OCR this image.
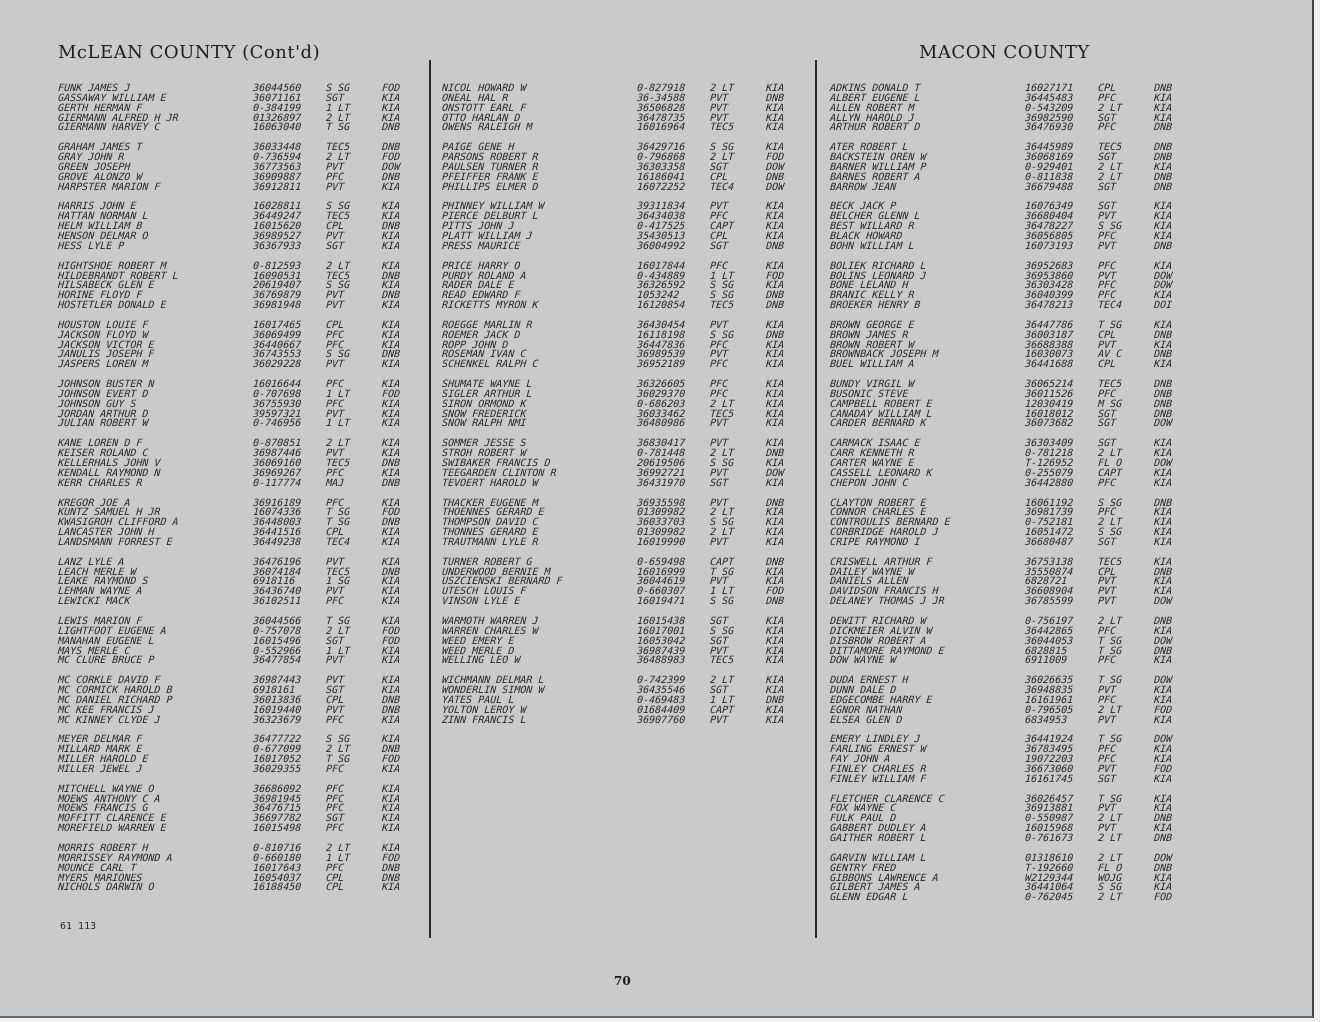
McLEAN COUNTY (Cont'd)	MACON COUNTY
FUNK JAMES J	36044560 S SG	FOD
GASSAWAY WILLIAM E	36071161 SGT	KIA
GERTH HERMAN F	0-384199 1 LT	KIA
GIERMANN ALFRED H JR	01326897 2 LT	KIA
GIERMANN HARVEY C	16063040 T SG	DNB
GRAHAM JAMES T	36033448 TEC5	DNB
GRAY JOHN R	0-736594 2 LT	FOD
GREEN JOSEPH	36773563 PVT	DOW
GROVE ALONZO W	36909887 PFC	DNB
HARPSTER MARION F	36912811 PVT	KIA
HARRIS JOHN E	16028811 S SG	KIA
HATTAN NORMAN L	36449247 TEC5	KIA
HELM WILLIAM B	16015620 CPL	DNB
HENSON DELMAR O	36989527 PVT	KIA
HESS LYLE P	36367933 SGT	KIA
HIGHTSHOE ROBERT M	0-812593 2 LT	KIA
HILDEBRANDT ROBERT L	16090531 TEC5	DNB
HILSABECK GLEN E	20619407 S SG	KIA
HORINE FLOYD F	36769879 PVT	DNB
HOSTETLER DONALD E	36981948 PVT	KIA
HOUSTON LOUIE F	16017465 CPL	KIA
JACKSON FLOYD W	36069499 PFC	KIA
JACKSON VICTOR E	36440667 PFC	KIA
JANULIS JOSEPH F	36743553 S SG	DNB
JASPERS LOREN M	36029228 PVT	KIA
JOHNSON BUSTER N	16016644 PFC	KIA
JOHNSON EVERT D	0-707698 1 LT	FOD
JOHNSON GUY S	36755930 PFC	KIA
JORDAN ARTHUR D	39597321 PVT	KIA
JULIAN ROBERT W	0-746956 1 LT	KIA
KANE LOREN D F	0-870851 2 LT	KIA
KEISER ROLAND C	36987446 PVT	KIA
KELLERHALS JOHN V	36069160 TEC5	DNB
KENDALL RAYMOND N	36969267 PFC	KIA
KERR CHARLES R	0-117774 MAJ	DNB
KREGOR JOE A	36916189 PFC	KIA
KUNTZ SAMUEL H JR	16074336 T SG	FOD
KWASIGROH CLIFFORD A	36448003 T SG	DNB
LANCASTER JOHN H	36441516 CPL	KIA
LANDSMANN FORREST E	36449238 TEC4	KIA
LANZ LYLE A	36476196 PVT	KIA
LEACH MERLE W	36074184 TEC5	DNB
LEAKE RAYMOND S	6918116	1 SG	KIA
LEHMAN WAYNE A	36436740 PVT	KIA
LEWICKI MACK	36102511 PFC	KIA
LEWIS MARION F	36044566 T SG	KIA
LIGHTFOOT EUGENE A	0-757078 2 LT	FOD
MANAHAN EUGENE L	16015496 SGT	FOD
MAYS MERLE C	0-552966 1 LT	KIA
MC CLURE BRUCE P	36477854 PVT	KIA
MC CORKLE DAVID F	36987443 PVT	KIA
MC CORMICK HAROLD B	6918161	SGT	KIA
MC DANIEL RICHARD P	36013836 CPL	DNB
MC KEE FRANCIS J	16019440 PVT	DNB
MC KINNEY CLYDE J	36323679 PFC	KIA
MEYER DELMAR F	36477722 S SG	KIA
MILLARD MARK E	0-677099 2 LT	DNB
MILLER HAROLD E	16017052 T SG	FOD
MILLER JEWEL J	36029355 PFC	KIA
MITCHELL WAYNE O	36686092 PFC	KIA
MOEWS ANTHONY C A	36981945 PFC	KIA
MOEWS FRANCIS G	36476715 PFC	KIA
MOFFITT CLARENCE E	36697782 SGT	KIA
MOREFIELD WARREN E	16015498 PFC	KIA
MORRIS ROBERT H	0-810716 2 LT	KIA
MORRISSEY RAYMOND A	0-660180 1 LT	FOD
MOUNCE CARL T	16017643 PFC	DNB
MYERS MARIONES	16054037 CPL	DNB
NICHOLS DARWIN O	16188450 CPL	KIA
NICOL HOWARD W	0-827918 2 LT	KIA
ONEAL HAL R	36-34588 PVT	DNB
ONSTOTT EARL F	36506828 PVT	KIA
OTTO HARLAN D	36478735 PVT	KIA
OWENS RALEIGH M	16016964 TEC5	KIA
PAIGE GENE H	36429716 S SG	KIA
PARSONS ROBERT R	0-796868 2 LT	FOD
PAULSEN TURNER R	36303358 SGT	DOW
PFEIFFER FRANK E	16186041 CPL	DNB
PHILLIPS ELMER D	16072252 TEC4	DOW
PHINNEY WILLIAM W	39311834 PVT	KIA
PIERCE DELBURT L	36434038 PFC	KIA
PITTS JOHN J	0-417525 CAPT	KIA
PLATT WILLIAM J	35430513 CPL	KIA
PRESS MAURICE	36004992 SGT	DNB
PRICE HARRY O	16017844 PFC	KIA
PURDY ROLAND A	0-434889 1 LT	FOD
RADER DALE E	36326592 S SG	KIA
READ EDWARD F	1053242	S SG	DNB
RICKETTS MYRON K	16120854 TEC5	DNB
ROEGGE MARLIN R	36430454 PVT	KIA
ROEMER JACK D	16118198 S SG	DNB
ROPP JOHN D	36447836 PFC	KIA
ROSEMAN IVAN C	36989539 PVT	KIA
SCHENKEL RALPH C	36952189 PFC	KIA
SHUMATE WAYNE L	36326605 PFC	KIA
SIGLER ARTHUR L	36029370 PFC	KIA
SIRON ORMOND K	0-686203 2 LT	KIA
SNOW FREDERICK	36033462 TEC5	KIA
SNOW RALPH NMI	36480986 PVT	KIA
SOMMER JESSE S	36830417 PVT	KIA
STROH ROBERT W	0-781448 2 LT	DNB
SWIBAKER FRANCIS D	20619506 S SG	KIA
TEEGARDEN CLINTON R	36992721 PVT	DOW
TEVOERT HAROLD W	36431970 SGT	KIA
THACKER EUGENE M	36935598 PVT	DNB
THOENNES GERARD E	01309982 2 LT	KIA
THOMPSON DAVID C	36033703 S SG	KIA
THONNES GERARD E	01309982 2 LT	KIA
TRAUTMANN LYLE R	16019990 PVT	KIA
TURNER ROBERT G	0-659498 CAPT	DNB
UNDERWOOD BERNIE M	16016999 T SG	KIA
USZCIENSKI BERNARD F	36044619 PVT	KIA
UTESCH LOUIS F	0-660307 1 LT	FOD
VINSON LYLE E	16019471 S SG	DNB
WARMOTH WARREN J	16015438 SGT	KIA
WARREN CHARLES W	16017001 S SG	KIA
WEED EMERY E	16053042 SGT	KIA
WEED MERLE D	36987439 PVT	KIA
WELLING LEO W	36488983 TEC5	KIA
WICHMANN DELMAR L	0-742399 2 LT	KIA
WONDERLIN SIMON W	36435546 SGT	KIA
YATES PAUL L	0-469483 1 LT	DNB
YOLTON LEROY W	01684409 CAPT	KIA
ZINN FRANCIS L	36907760 PVT	KIA
ADKINS DONALD T	16027171 CPL	DNB
ALBERT EUGENE L	36445483 PFC	KIA
ALLEN ROBERT M	0-543209 2 LT	KIA
ALLYN HAROLD J	36982590 SGT	KIA
ARTHUR ROBERT D	36476930 PFC	DNB
ATER ROBERT L	36445989 TEC5	DNB
BACKSTEIN OREN W	36068169 SGT	DNB
BARNER WILLIAM P	0-929401 2 LT	KIA
BARNES ROBERT A	0-811838 2 LT	DNB
BARROW JEAN	36679488 SGT	DNB
BECK JACK P	16076349 SGT	KIA
BELCHER GLENN L	36680404 PVT	KIA
BEST WILLARD R	36478227 S SG	KIA
BLACK HOWARD	36056805 PFC	KIA
BOHN WILLIAM L	16073193 PVT	DNB
BOLIEK RICHARD L	36952683 PFC	KIA
BOLINS LEONARD J	36953860 PVT	DOW
BONE LELAND H	36303428 PFC	DOW
BRANIC KELLY R	36040399 PFC	KIA
BROEKER HENRY B	36478213 TEC4	DOI
BROWN GEORGE E	36447786 T SG	KIA
BROWN JAMES R	36003187 CPL	DNB
BROWN ROBERT W	36688388 PVT	KIA
BROWNBACK JOSEPH M	16030073 AV C	DNB
BUEL WILLIAM A	36441688 CPL	KIA
BUNDY VIRGIL W	36065214 TEC5	DNB
BUSONIC STEVE	36011526 PFC	DNB
CAMPBELL ROBERT E	12030419 M SG	DNB
CANADAY WILLIAM L	16018012 SGT	DNB
CARDER BERNARD K	36073682 SGT	DOW
CARMACK ISAAC E	36303409 SGT	KIA
CARR KENNETH R	0-781218 2 LT	KIA
CARTER WAYNE E	T-126952 FL O	DOW
CASSELL LEONARD K	0-255079 CAPT	KIA
CHEPON JOHN C	36442880 PFC	KIA
CLAYTON ROBERT E	16061192 S SG	DNB
CONNOR CHARLES E	36981739 PFC	KIA
CONTROULIS BERNARD E	0-752181 2 LT	KIA
CORBRIDGE HAROLD J	16051472 S SG	KIA
CRIPE RAYMOND I	36680487 SGT	KIA
CRISWELL ARTHUR F	36753138 TEC5	KIA
DAILEY WAYNE W	35550874 CPL	DNB
DANIELS ALLEN	6828721	PVT	KIA
DAVIDSON FRANCIS H	36608904 PVT	KIA
DELANEY THOMAS J JR	36785599 PVT	DOW
DEWITT RICHARD W	0-756197 2 LT	DNB
DICKMEIER ALVIN W	36442865 PFC	KIA
DISBROW ROBERT A	36044053 T SG	DOW
DITTAMORE RAYMOND E	6828815	T SG	DNB
DOW WAYNE W	6911009	PFC	KIA
DUDA ERNEST H	36026635 T SG	DOW
DUNN DALE D	36948835 PVT	KIA
EDGECOMBE HARRY E	16161961 PFC	KIA
EGNOR NATHAN	0-796505 2 LT	FOD
ELSEA GLEN D	6834953	PVT	KIA
EMERY LINDLEY J	36441924 T SG	DOW
FARLING ERNEST W	36783495 PFC	KIA
FAY JOHN A	19072203 PFC	KIA
FINLEY CHARLES R	36673060 PVT	FOD
FINLEY WILLIAM F	16161745 SGT	KIA
FLETCHER CLARENCE C	36026457 T SG	KIA
FOX WAYNE C	36913881 PVT	KIA
FULK PAUL D	0-550987 2 LT	DNB
GABBERT DUDLEY A	16015968 PVT	KIA
GAITHER ROBERT L	0-761673 2 LT	DNB
GARVIN WILLIAM L	01318610 2 LT	DOW
GENTRY FRED	T-192660 FL O	DNB
GIBBONS LAWRENCE A	W2129344 WOJG	KIA
GILBERT JAMES A	36441064 S SG	KIA
GLENN EDGAR L	0-762045 2 LT	FOD
61 113
70
